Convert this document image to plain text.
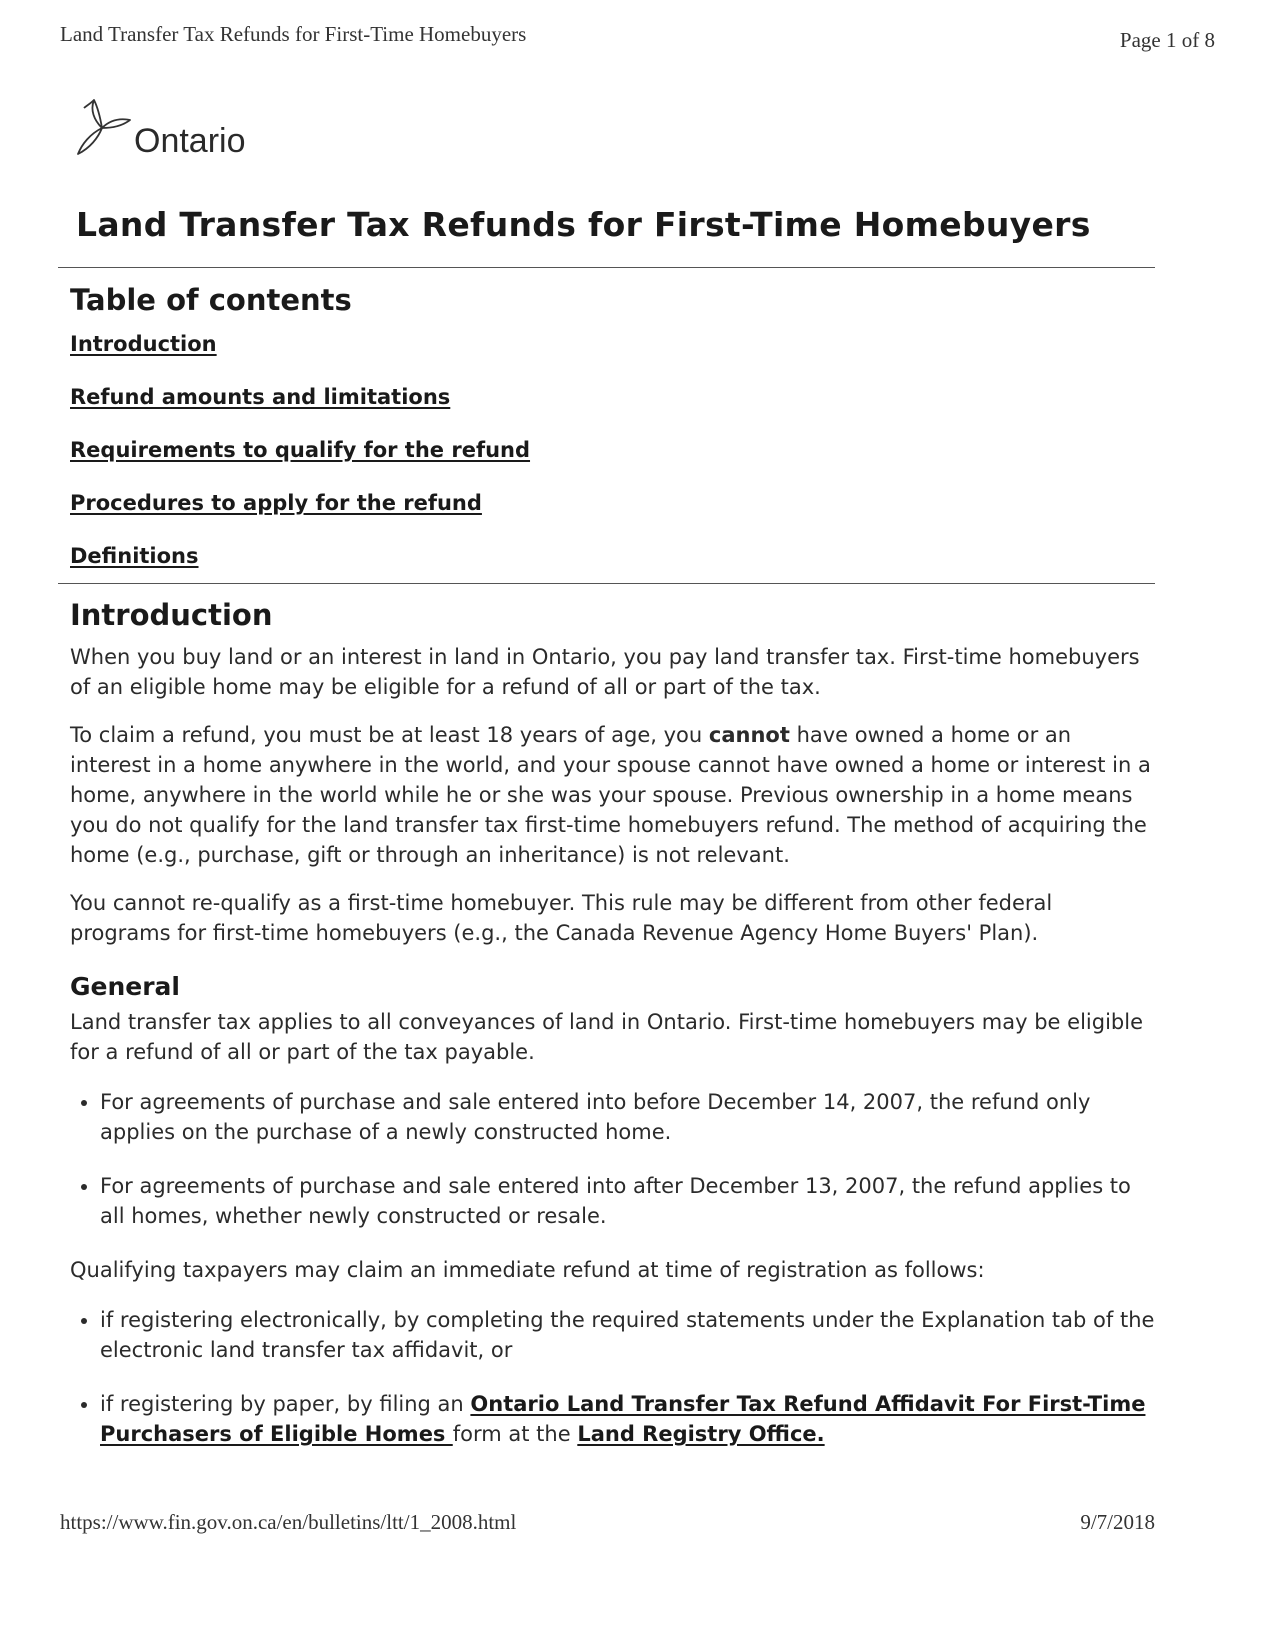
Land Transfer Tax Refunds for First-Time Homebuyers	Page 1 of 8
Ontario
Land Transfer Tax Refunds for First-Time Homebuyers
Table of contents
Introduction
Refund amounts and limitations
Requirements to qualify for the refund
Procedures to apply for the refund
Definitions
Introduction

When you buy land or an interest in land in Ontario, you pay land transfer tax. First-time homebuyers of an eligible home may be eligible for a refund of all or part of the tax.

To claim a refund, you must be at least 18 years of age, you cannot have owned a home or an interest in a home anywhere in the world, and your spouse cannot have owned a home or interest in a home, anywhere in the world while he or she was your spouse. Previous ownership in a home means you do not qualify for the land transfer tax first-time homebuyers refund. The method of acquiring the home (e.g., purchase, gift or through an inheritance) is not relevant.

You cannot re-qualify as a first-time homebuyer. This rule may be different from other federal programs for first-time homebuyers (e.g., the Canada Revenue Agency Home Buyers' Plan).

General

Land transfer tax applies to all conveyances of land in Ontario. First-time homebuyers may be eligible for a refund of all or part of the tax payable.

• For agreements of purchase and sale entered into before December 14, 2007, the refund only applies on the purchase of a newly constructed home.
• For agreements of purchase and sale entered into after December 13, 2007, the refund applies to all homes, whether newly constructed or resale.

Qualifying taxpayers may claim an immediate refund at time of registration as follows:

• if registering electronically, by completing the required statements under the Explanation tab of the electronic land transfer tax affidavit, or
• if registering by paper, by filing an Ontario Land Transfer Tax Refund Affidavit For First-Time Purchasers of Eligible Homes form at the Land Registry Office.
https://www.fin.gov.on.ca/en/bulletins/ltt/1_2008.html	9/7/2018
